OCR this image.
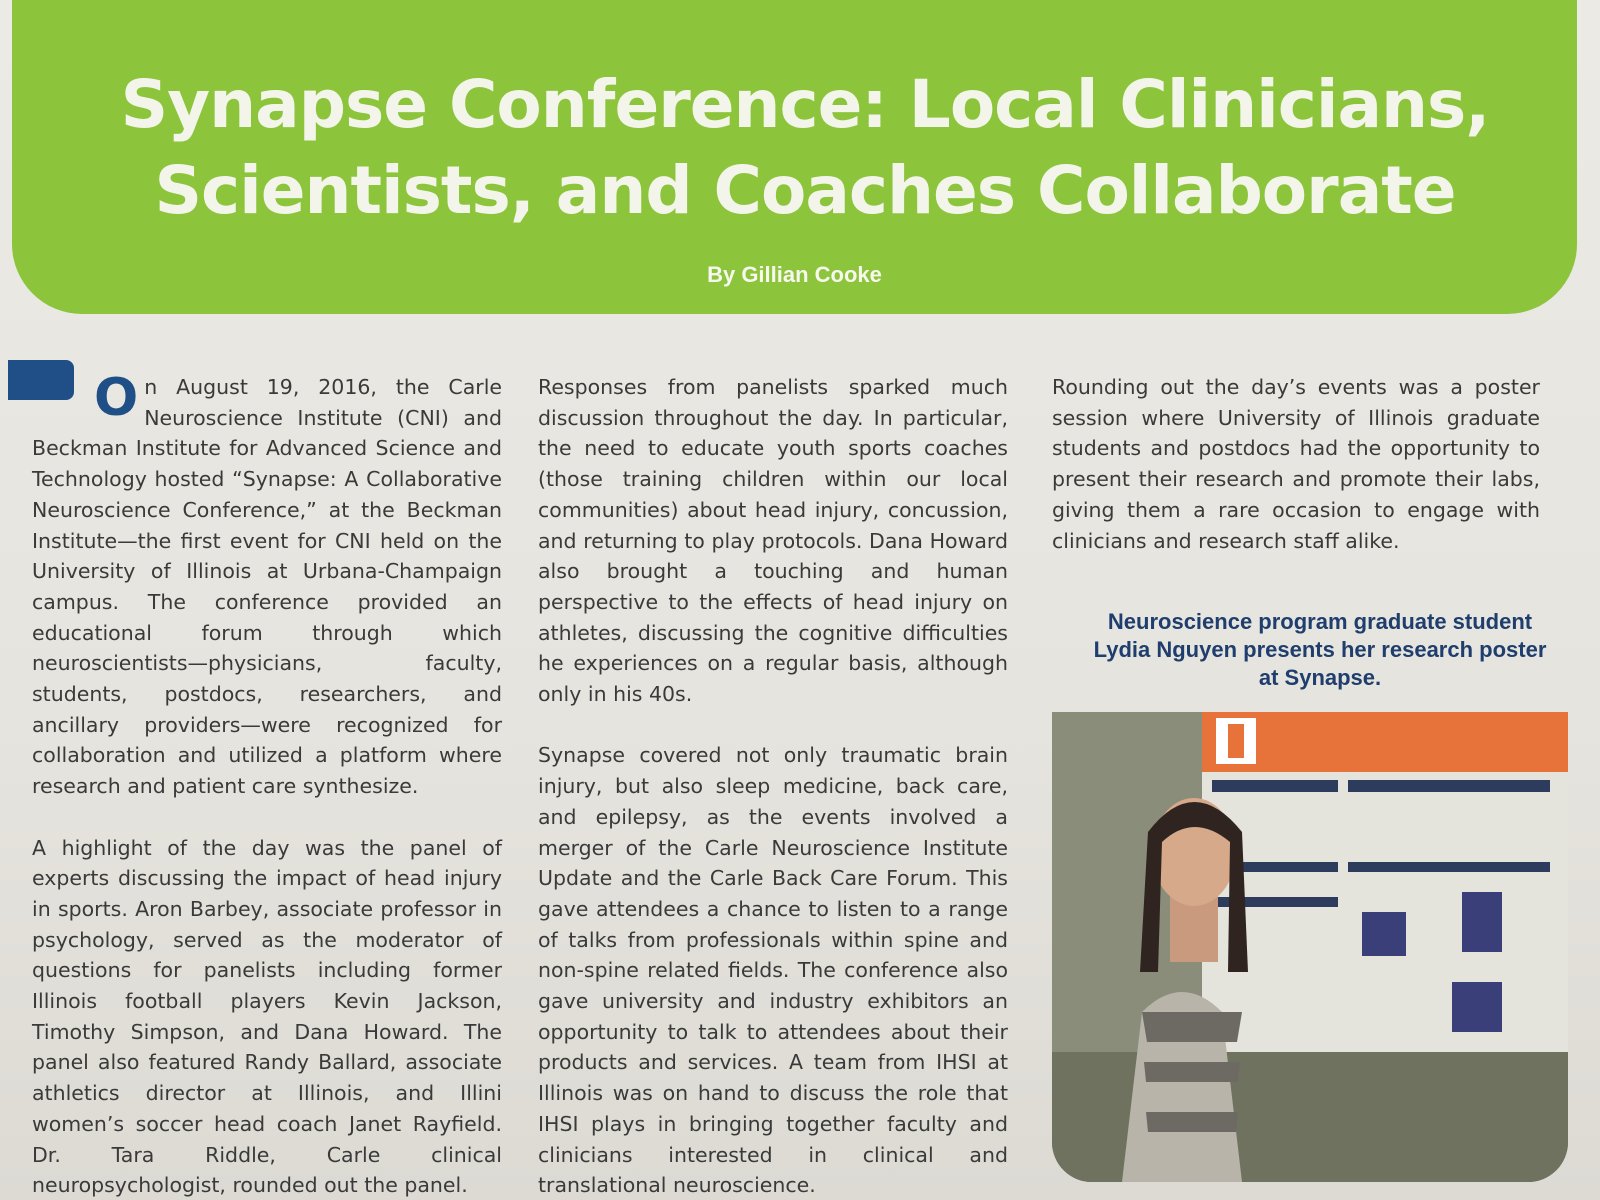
Synapse Conference: Local Clinicians,
Scientists, and Coaches Collaborate
By Gillian Cooke

On August 19, 2016, the Carle Neuroscience Institute (CNI) and Beckman Institute for Advanced Science and Technology hosted “Synapse: A Collaborative Neuroscience Conference,” at the Beckman Institute—the first event for CNI held on the University of Illinois at Urbana-Champaign campus. The conference provided an educational forum through which neuroscientists—physicians, faculty, students, postdocs, researchers, and ancillary providers—were recognized for collaboration and utilized a platform where research and patient care synthesize.

A highlight of the day was the panel of experts discussing the impact of head injury in sports. Aron Barbey, associate professor in psychology, served as the moderator of questions for panelists including former Illinois football players Kevin Jackson, Timothy Simpson, and Dana Howard. The panel also featured Randy Ballard, associate athletics director at Illinois, and Illini women’s soccer head coach Janet Rayfield. Dr. Tara Riddle, Carle clinical neuropsychologist, rounded out the panel.

Responses from panelists sparked much discussion throughout the day. In particular, the need to educate youth sports coaches (those training children within our local communities) about head injury, concussion, and returning to play protocols. Dana Howard also brought a touching and human perspective to the effects of head injury on athletes, discussing the cognitive difficulties he experiences on a regular basis, although only in his 40s.

Synapse covered not only traumatic brain injury, but also sleep medicine, back care, and epilepsy, as the events involved a merger of the Carle Neuroscience Institute Update and the Carle Back Care Forum. This gave attendees a chance to listen to a range of talks from professionals within spine and non-spine related fields. The conference also gave university and industry exhibitors an opportunity to talk to attendees about their products and services. A team from IHSI at Illinois was on hand to discuss the role that IHSI plays in bringing together faculty and clinicians interested in clinical and translational neuroscience.

Rounding out the day’s events was a poster session where University of Illinois graduate students and postdocs had the opportunity to present their research and promote their labs, giving them a rare occasion to engage with clinicians and research staff alike.

Neuroscience program graduate student Lydia Nguyen presents her research poster at Synapse.
